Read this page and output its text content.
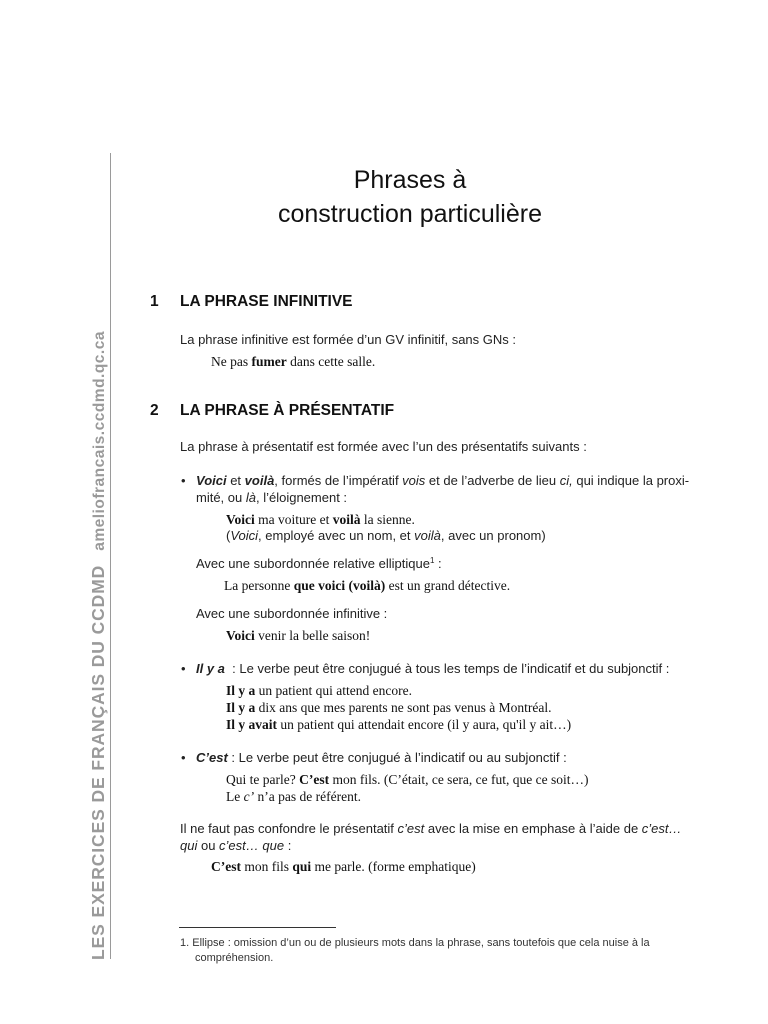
LES EXERCICES DE FRANÇAIS DU CCDMDameliofrancais.ccdmd.qc.ca
Phrases à
construction particulière
1 LA PHRASE INFINITIVE
La phrase infinitive est formée d’un GV infinitif, sans GNs :
Ne pas fumer dans cette salle.
2 LA PHRASE À PRÉSENTATIF
La phrase à présentatif est formée avec l’un des présentatifs suivants :
• Voici et voilà, formés de l’impératif vois et de l’adverbe de lieu ci, qui indique la proxi-
mité, ou là, l’éloignement :
Voici ma voiture et voilà la sienne.
(Voici, employé avec un nom, et voilà, avec un pronom)
Avec une subordonnée relative elliptique$^1$ :
La personne que voici (voilà) est un grand détective.
Avec une subordonnée infinitive :
Voici venir la belle saison!
• Il y a  : Le verbe peut être conjugué à tous les temps de l’indicatif et du subjonctif :
Il y a un patient qui attend encore.
Il y a dix ans que mes parents ne sont pas venus à Montréal.
Il y avait un patient qui attendait encore (il y aura, qu'il y ait…)
• C’est : Le verbe peut être conjugué à l’indicatif ou au subjonctif :
Qui te parle? C’est mon fils. (C’était, ce sera, ce fut, que ce soit…)
Le c’ n’a pas de référent.
Il ne faut pas confondre le présentatif c’est avec la mise en emphase à l’aide de c’est…
qui ou c’est… que :
C’est mon fils qui me parle. (forme emphatique)
1. Ellipse : omission d’un ou de plusieurs mots dans la phrase, sans toutefois que cela nuise à la
compréhension.
